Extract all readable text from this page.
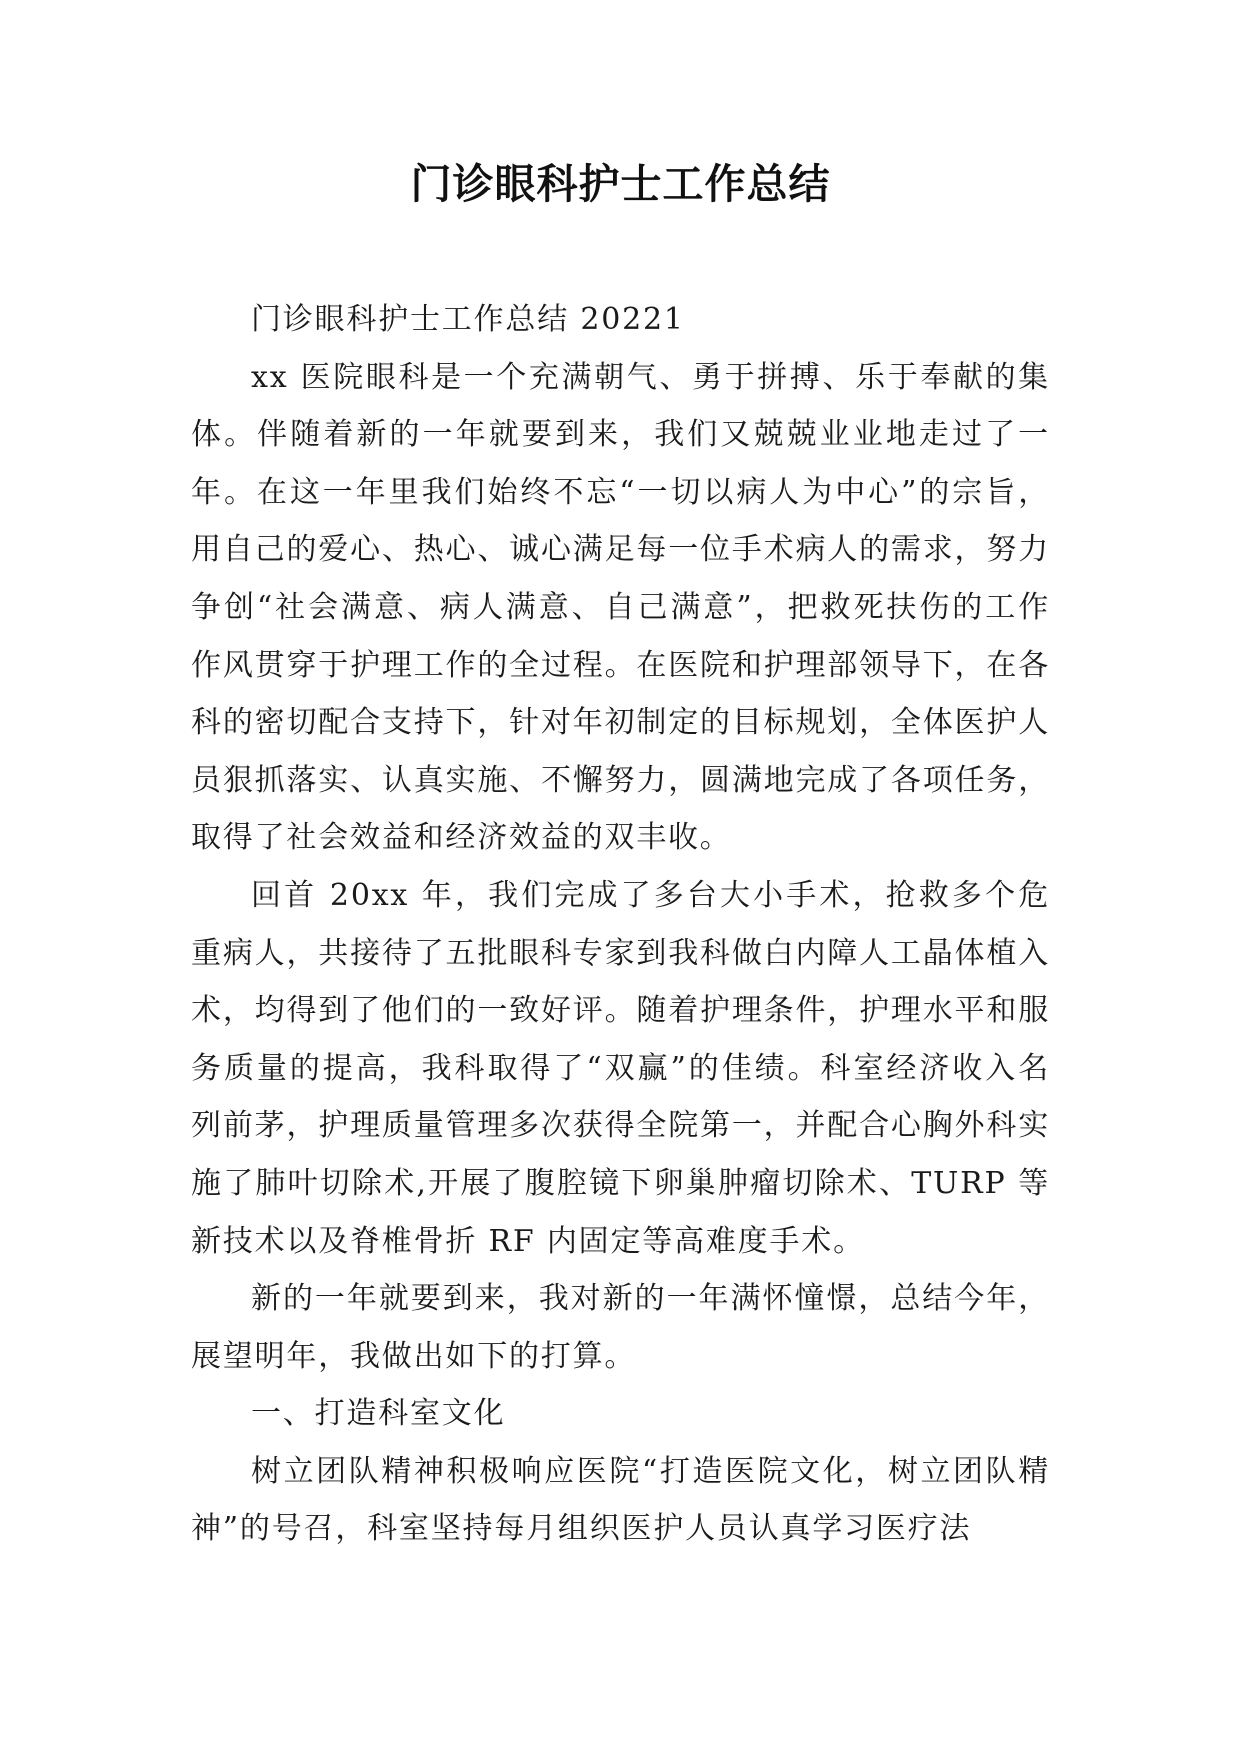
门诊眼科护士工作总结

门诊眼科护士工作总结 20221

xx 医院眼科是一个充满朝气、勇于拼搏、乐于奉献的集体。伴随着新的一年就要到来，我们又兢兢业业地走过了一年。在这一年里我们始终不忘“一切以病人为中心”的宗旨，用自己的爱心、热心、诚心满足每一位手术病人的需求，努力争创“社会满意、病人满意、自己满意”，把救死扶伤的工作作风贯穿于护理工作的全过程。在医院和护理部领导下，在各科的密切配合支持下，针对年初制定的目标规划，全体医护人员狠抓落实、认真实施、不懈努力，圆满地完成了各项任务，取得了社会效益和经济效益的双丰收。

回首 20xx 年，我们完成了多台大小手术，抢救多个危重病人，共接待了五批眼科专家到我科做白内障人工晶体植入术，均得到了他们的一致好评。随着护理条件，护理水平和服务质量的提高，我科取得了“双赢”的佳绩。科室经济收入名列前茅，护理质量管理多次获得全院第一，并配合心胸外科实施了肺叶切除术,开展了腹腔镜下卵巢肿瘤切除术、TURP 等新技术以及脊椎骨折 RF 内固定等高难度手术。

新的一年就要到来，我对新的一年满怀憧憬，总结今年，展望明年，我做出如下的打算。

一、打造科室文化

树立团队精神积极响应医院“打造医院文化，树立团队精神”的号召，科室坚持每月组织医护人员认真学习医疗法
